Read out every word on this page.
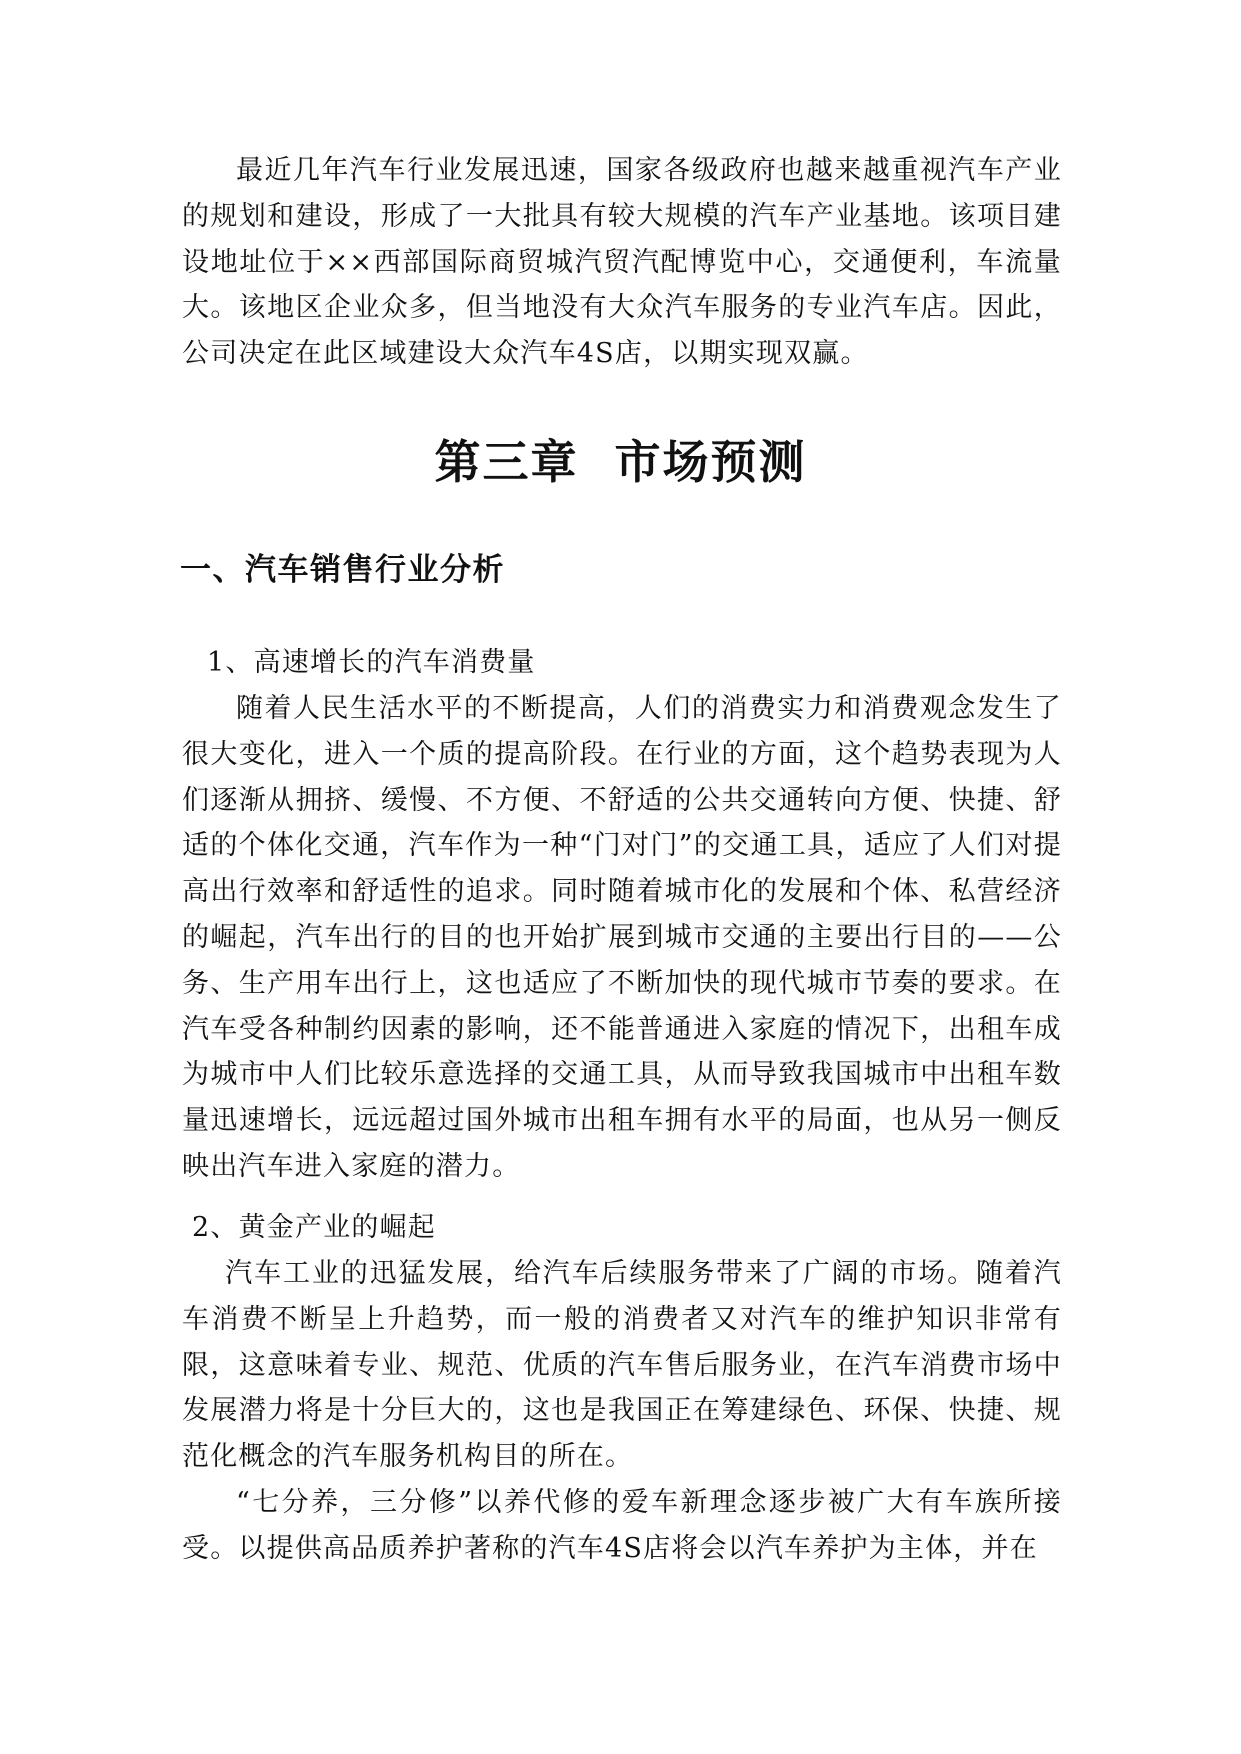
最近几年汽车行业发展迅速，国家各级政府也越来越重视汽车产业的规划和建设，形成了一大批具有较大规模的汽车产业基地。该项目建设地址位于××西部国际商贸城汽贸汽配博览中心，交通便利，车流量大。该地区企业众多，但当地没有大众汽车服务的专业汽车店。因此，公司决定在此区域建设大众汽车4S店，以期实现双赢。

第三章  市场预测
一、汽车销售行业分析

1、高速增长的汽车消费量

随着人民生活水平的不断提高，人们的消费实力和消费观念发生了很大变化，进入一个质的提高阶段。在行业的方面，这个趋势表现为人们逐渐从拥挤、缓慢、不方便、不舒适的公共交通转向方便、快捷、舒适的个体化交通，汽车作为一种“门对门”的交通工具，适应了人们对提高出行效率和舒适性的追求。同时随着城市化的发展和个体、私营经济的崛起，汽车出行的目的也开始扩展到城市交通的主要出行目的——公务、生产用车出行上，这也适应了不断加快的现代城市节奏的要求。在汽车受各种制约因素的影响，还不能普通进入家庭的情况下，出租车成为城市中人们比较乐意选择的交通工具，从而导致我国城市中出租车数量迅速增长，远远超过国外城市出租车拥有水平的局面，也从另一侧反映出汽车进入家庭的潜力。

2、黄金产业的崛起

汽车工业的迅猛发展，给汽车后续服务带来了广阔的市场。随着汽车消费不断呈上升趋势，而一般的消费者又对汽车的维护知识非常有限，这意味着专业、规范、优质的汽车售后服务业，在汽车消费市场中发展潜力将是十分巨大的，这也是我国正在筹建绿色、环保、快捷、规范化概念的汽车服务机构目的所在。

“七分养，三分修”以养代修的爱车新理念逐步被广大有车族所接受。以提供高品质养护著称的汽车4S店将会以汽车养护为主体，并在
